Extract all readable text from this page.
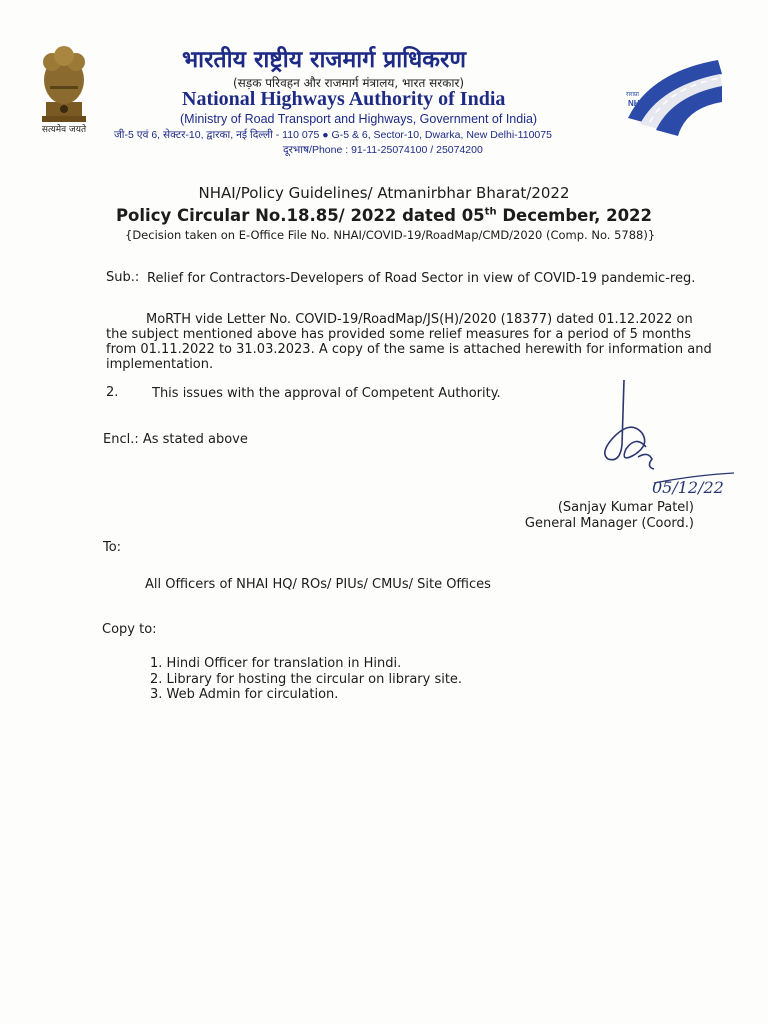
सत्यमेव जयते
भारतीय राष्ट्रीय राजमार्ग प्राधिकरण
(सड़क परिवहन और राजमार्ग मंत्रालय, भारत सरकार)
National Highways Authority of India
(Ministry of Road Transport and Highways, Government of India)
जी-5 एवं 6, सेक्टर-10, द्वारका, नई दिल्ली - 110 075 ● G-5 & 6, Sector-10, Dwarka, New Delhi-110075
दूरभाष/Phone : 91-11-25074100 / 25074200
राराप्रा
NHAI
NHAI/Policy Guidelines/ Atmanirbhar Bharat/2022
Policy Circular No.18.85/ 2022 dated 05th December, 2022
{Decision taken on E-Office File No. NHAI/COVID-19/RoadMap/CMD/2020 (Comp. No. 5788)}
Sub.: Relief for Contractors-Developers of Road Sector in view of COVID-19 pandemic-reg.
MoRTH vide Letter No. COVID-19/RoadMap/JS(H)/2020 (18377) dated 01.12.2022 on the subject mentioned above has provided some relief measures for a period of 5 months from 01.11.2022 to 31.03.2023. A copy of the same is attached herewith for information and implementation.
2.	This issues with the approval of Competent Authority.
Encl.: As stated above
05/12/22
(Sanjay Kumar Patel)
General Manager (Coord.)
To:
All Officers of NHAI HQ/ ROs/ PIUs/ CMUs/ Site Offices
Copy to:
1. Hindi Officer for translation in Hindi.
2. Library for hosting the circular on library site.
3. Web Admin for circulation.
